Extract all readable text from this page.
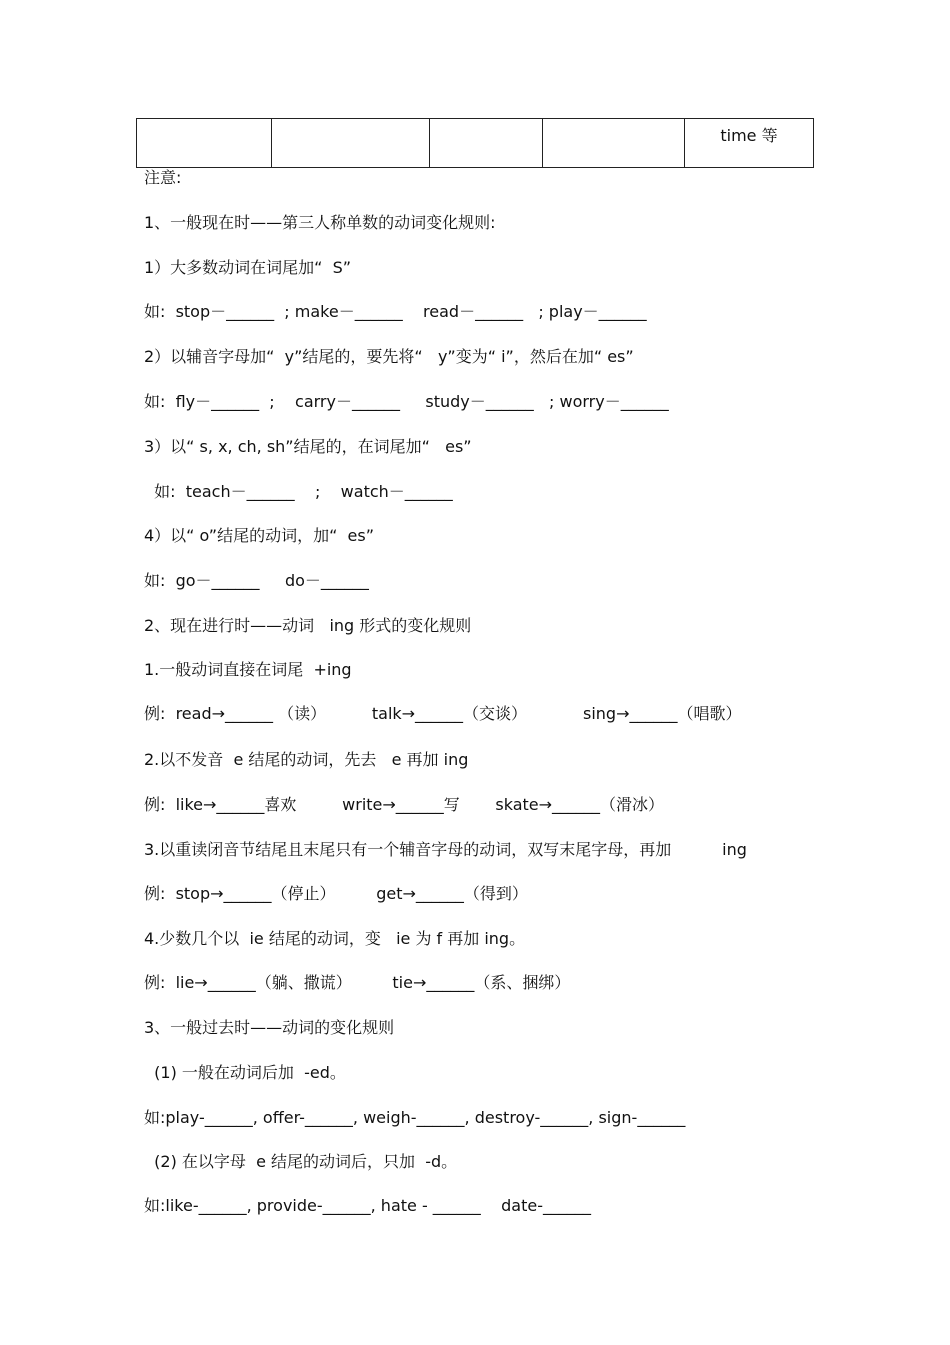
				time 等
注意:
1、一般现在时——第三人称单数的动词变化规则:
1）大多数动词在词尾加“  S”
如:  stop－______  ; make－______    read－______   ; play－______
2）以辅音字母加“  y”结尾的，要先将“   y”变为“ i”，然后在加“ es”
如:  fly－______  ;    carry－______     study－______   ; worry－______
3）以“ s, x, ch, sh”结尾的，在词尾加“   es”
如:  teach－______    ;    watch－______
4）以“ o”结尾的动词，加“  es”
如:  go－______     do－______
2、现在进行时——动词   ing 形式的变化规则
1.一般动词直接在词尾  +ing
例:  read→______ （读）         talk→______（交谈）           sing→______（唱歌）
2.以不发音  e 结尾的动词，先去   e 再加 ing
例:  like→______喜欢         write→______写       skate→______（滑冰）
3.以重读闭音节结尾且末尾只有一个辅音字母的动词，双写末尾字母，再加          ing
例:  stop→______（停止）        get→______（得到）
4.少数几个以  ie 结尾的动词，变   ie 为 f 再加 ing。
例:  lie→______（躺、撒谎）        tie→______（系、捆绑）
3、一般过去时——动词的变化规则
(1) 一般在动词后加  -ed。
如:play-______, offer-______, weigh-______, destroy-______, sign-______
(2) 在以字母  e 结尾的动词后，只加  -d。
如:like-______, provide-______, hate - ______    date-______
